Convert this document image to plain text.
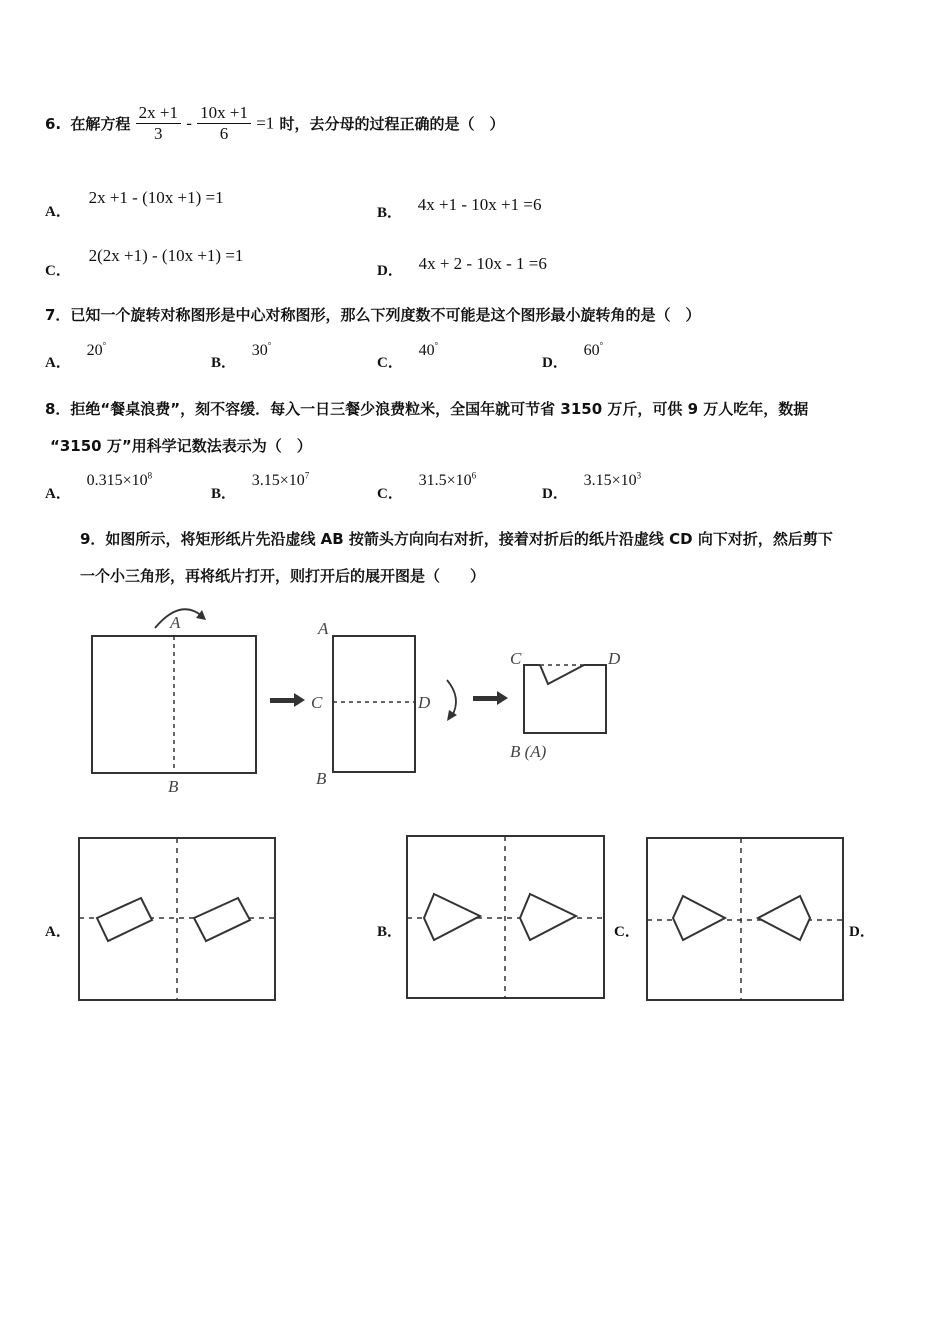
6. 在解方程 $\frac{2x +1}{3} - \frac{10x +1}{6} =1$ 时，去分母的过程正确的是（　）
A． 2x +1 - (10x +1) =1
B． 4x +1 - 10x +1 =6
C． 2(2x +1) - (10x +1) =1
D． 4x + 2 - 10x - 1 =6
7．已知一个旋转对称图形是中心对称图形，那么下列度数不可能是这个图形最小旋转角的是（　）
A． 20°
B． 30°
C． 40°
D． 60°
8．拒绝“餐桌浪费”，刻不容缓．每入一日三餐少浪费粒米，全国年就可节省 3150 万斤，可供 9 万人吃年，数据
“3150 万”用科学记数法表示为（　）
A． $0.315\times 10^8$
B． $3.15\times 10^7$
C． $31.5\times 10^6$
D． $3.15\times 10^3$
9．如图所示，将矩形纸片先沿虚线 AB 按箭头方向向右对折，接着对折后的纸片沿虚线 CD 向下对折，然后剪下
一个小三角形，再将纸片打开，则打开后的展开图是（　　）
A
B
A
C	D
B
C	D
B (A)
A．	B．	C．	D．
